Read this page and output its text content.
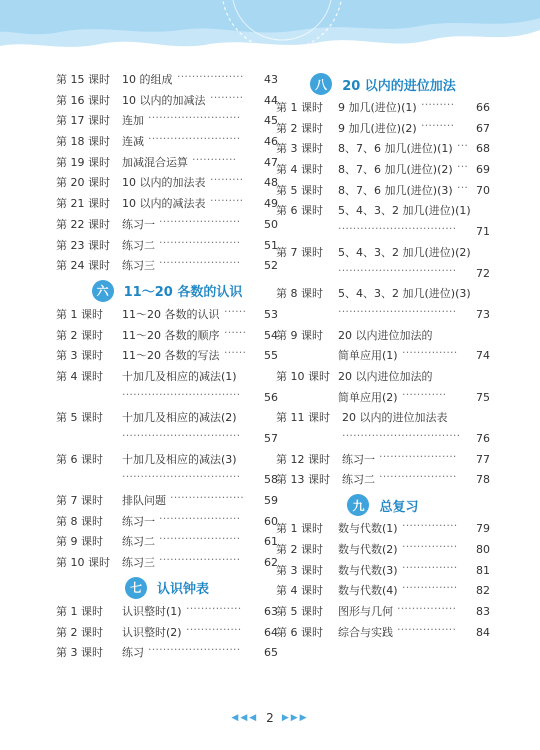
第 15 课时 10 的组成 ··················	43
第 16 课时 10 以内的加减法 ·········	44
第 17 课时 连加 ·························	45
第 18 课时 连减 ·························	46
第 19 课时 加减混合运算 ············	47
第 20 课时 10 以内的加法表 ·········	48
第 21 课时 10 以内的减法表 ·········	49
第 22 课时 练习一 ······················	50
第 23 课时 练习二 ······················	51
第 24 课时 练习三 ······················	52
六	11～20 各数的认识
第 1 课时 11～20 各数的认识 ······	53
第 2 课时 11～20 各数的顺序 ······	54
第 3 课时 11～20 各数的写法 ······	55
第 4 课时 十加几及相应的减法(1)
································	56
第 5 课时 十加几及相应的减法(2)
································	57
第 6 课时 十加几及相应的减法(3)
································	58
第 7 课时 排队问题 ····················	59
第 8 课时 练习一 ······················	60
第 9 课时 练习二 ······················	61
第 10 课时 练习三 ······················	62
七	认识钟表
第 1 课时 认识整时(1) ···············	63
第 2 课时 认识整时(2) ···············	64
第 3 课时 练习 ·························	65
八	20 以内的进位加法
第 1 课时 9 加几(进位)(1) ·········	66
第 2 课时 9 加几(进位)(2) ·········	67
第 3 课时 8、7、6 加几(进位)(1) ··· 68
第 4 课时 8、7、6 加几(进位)(2) ··· 69
第 5 课时 8、7、6 加几(进位)(3) ··· 70
第 6 课时 5、4、3、2 加几(进位)(1)
································	71
第 7 课时 5、4、3、2 加几(进位)(2)
································	72
第 8 课时 5、4、3、2 加几(进位)(3)
································	73
第 9 课时 20 以内进位加法的
简单应用(1) ···············	74
第 10 课时 20 以内进位加法的
简单应用(2) ············	75
第 11 课时 20 以内的进位加法表
································	76
第 12 课时 练习一 ·····················	77
第 13 课时 练习二 ·····················	78
九	总复习
第 1 课时 数与代数(1) ···············	79
第 2 课时 数与代数(2) ···············	80
第 3 课时 数与代数(3) ···············	81
第 4 课时 数与代数(4) ···············	82
第 5 课时 图形与几何 ················	83
第 6 课时 综合与实践 ················	84
◀◀◀ 2 ▶▶▶
